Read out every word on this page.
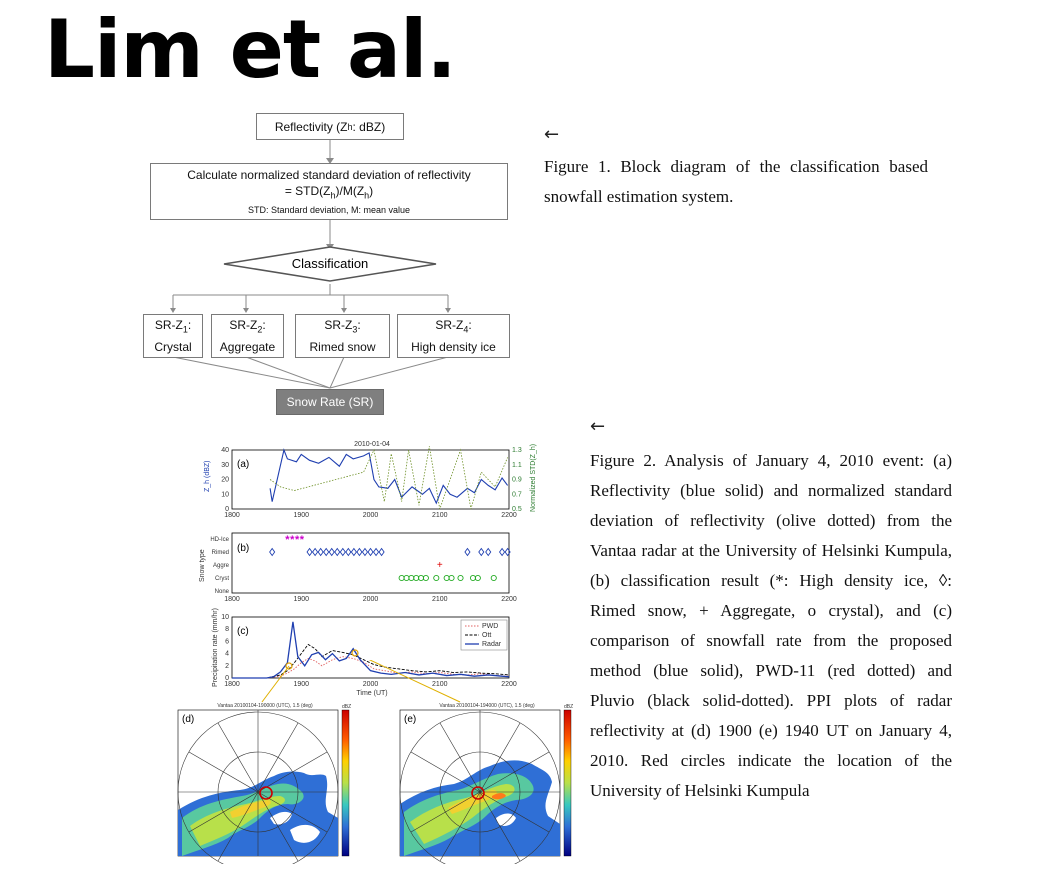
Lim et al.
Reflectivity (Z h : dBZ)
Calculate normalized standard deviation of reflectivity
= $STD(Z_h)/M(Z_h)$
STD: Standard deviation, M: mean value
Classification
$SR-Z_1$:
Crystal
$SR-Z_2$:
Aggregate
$SR-Z_3$:
Rimed snow
$SR-Z_4$:
High density ice
Snow Rate (SR)
←
Figure 1. Block diagram of the classification based snowfall estimation system.
←
Figure 2. Analysis of January 4, 2010 event: (a) Reflectivity (blue solid) and normalized standard deviation of reflectivity (olive dotted) from the Vantaa radar at the University of Helsinki Kumpula, (b) classification result (*: High density ice, ◊: Rimed snow, + Aggregate, o crystal), and (c) comparison of snowfall rate from the proposed method (blue solid), PWD-11 (red dotted) and Pluvio (black solid-dotted). PPI plots of radar reflectivity at (d) 1900 (e) 1940 UT on January 4, 2010. Red circles indicate the location of the University of Helsinki Kumpula
2010-01-04
(a)
Z_h (dBZ)	Normalized STD(Z_h)
40
30
20
10
0
1.3
1.1
0.9
0.7
0.5
1800	1900	2000	2100	2200
(b)
Snow type
HD-Ice
Rimed
Aggre
Cryst
None
1800	1900	2000	2100	2200
* * * *
+
(c)
Precipitation rate (mm/hr)
Time (UT)
10
8
6
4
2
0
1800	1900	2000	2100	2200
PWD
Ott
Radar
Vantaa 20100104-190000 (UTC), 1.5 (deg)
(d)
dBZ	Vantaa 20100104-194000 (UTC), 1.5 (deg)
(e)
dBZ
